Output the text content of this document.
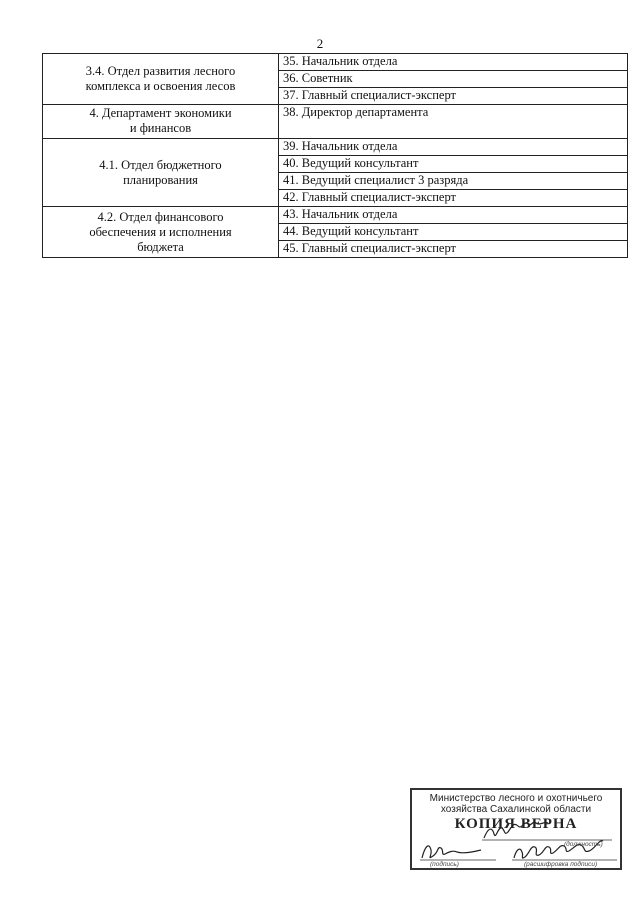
2
3.4. Отдел развития лесного
комплекса и освоения лесов	35. Начальник отдела
	36. Советник
	37. Главный специалист-эксперт

4. Департамент экономики
и финансов	38. Директор департамента

4.1. Отдел бюджетного
планирования	39. Начальник отдела
	40. Ведущий консультант
	41. Ведущий специалист 3 разряда
	42. Главный специалист-эксперт

4.2. Отдел финансового
обеспечения и исполнения
бюджета	43. Начальник отдела
	44. Ведущий консультант
	45. Главный специалист-эксперт
Министерство лесного и охотничьего
хозяйства Сахалинской области
КОПИЯ ВЕРНА
(должность)
(подпись)	(расшифровка подписи)
